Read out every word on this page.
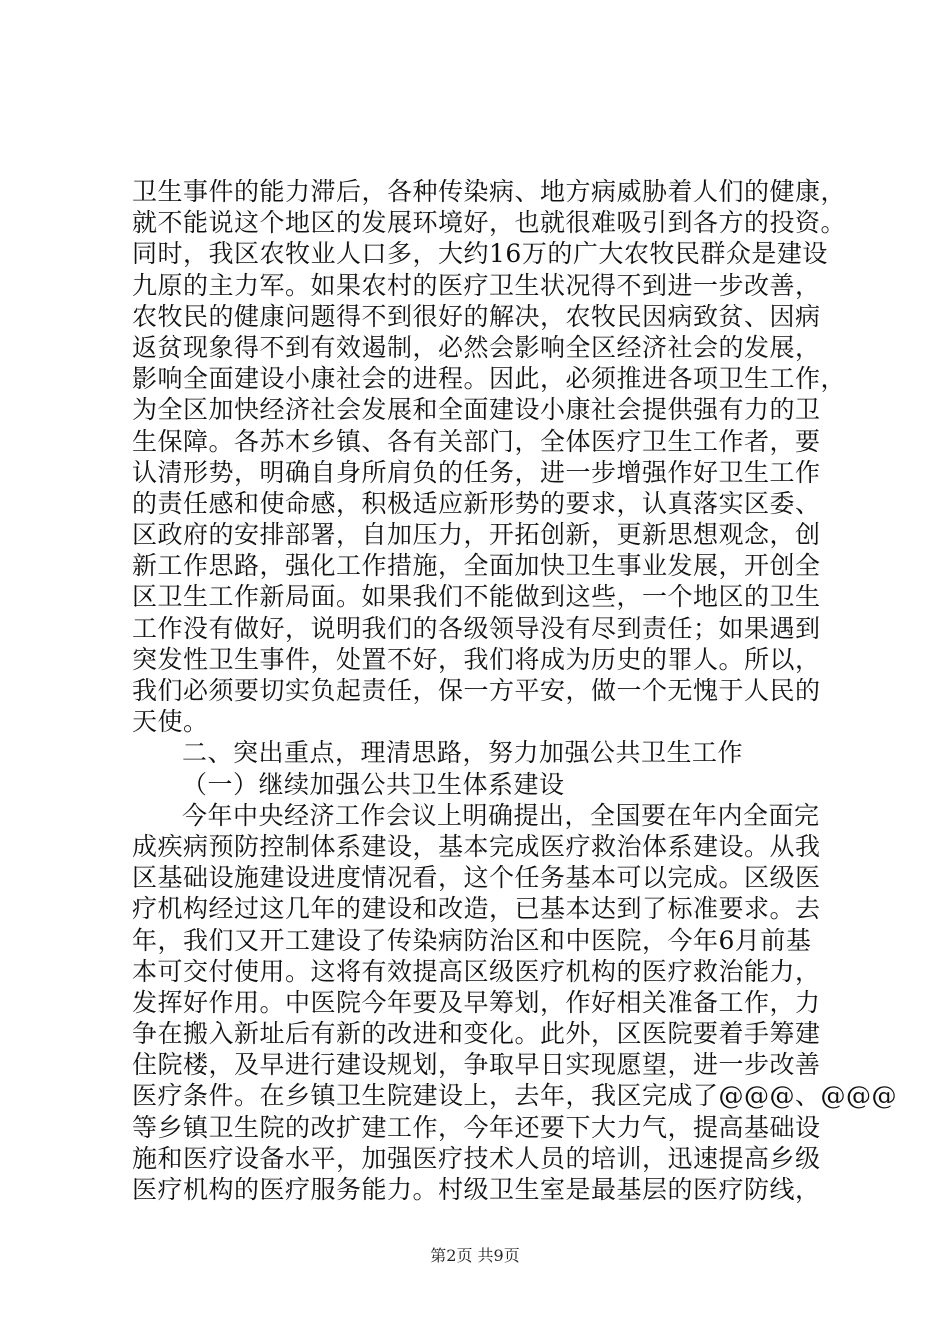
卫生事件的能力滞后，各种传染病、地方病威胁着人们的健康，
就不能说这个地区的发展环境好，也就很难吸引到各方的投资。
同时，我区农牧业人口多，大约16万的广大农牧民群众是建设
九原的主力军。如果农村的医疗卫生状况得不到进一步改善，
农牧民的健康问题得不到很好的解决，农牧民因病致贫、因病
返贫现象得不到有效遏制，必然会影响全区经济社会的发展，
影响全面建设小康社会的进程。因此，必须推进各项卫生工作，
为全区加快经济社会发展和全面建设小康社会提供强有力的卫
生保障。各苏木乡镇、各有关部门，全体医疗卫生工作者，要
认清形势，明确自身所肩负的任务，进一步增强作好卫生工作
的责任感和使命感，积极适应新形势的要求，认真落实区委、
区政府的安排部署，自加压力，开拓创新，更新思想观念，创
新工作思路，强化工作措施，全面加快卫生事业发展，开创全
区卫生工作新局面。如果我们不能做到这些，一个地区的卫生
工作没有做好，说明我们的各级领导没有尽到责任；如果遇到
突发性卫生事件，处置不好，我们将成为历史的罪人。所以，
我们必须要切实负起责任，保一方平安，做一个无愧于人民的
天使。
二、突出重点，理清思路，努力加强公共卫生工作
（一）继续加强公共卫生体系建设
今年中央经济工作会议上明确提出，全国要在年内全面完
成疾病预防控制体系建设，基本完成医疗救治体系建设。从我
区基础设施建设进度情况看，这个任务基本可以完成。区级医
疗机构经过这几年的建设和改造，已基本达到了标准要求。去
年，我们又开工建设了传染病防治区和中医院，今年6月前基
本可交付使用。这将有效提高区级医疗机构的医疗救治能力，
发挥好作用。中医院今年要及早筹划，作好相关准备工作，力
争在搬入新址后有新的改进和变化。此外，区医院要着手筹建
住院楼，及早进行建设规划，争取早日实现愿望，进一步改善
医疗条件。在乡镇卫生院建设上，去年，我区完成了@@@、@@@
等乡镇卫生院的改扩建工作，今年还要下大力气，提高基础设
施和医疗设备水平，加强医疗技术人员的培训，迅速提高乡级
医疗机构的医疗服务能力。村级卫生室是最基层的医疗防线，
第2页 共9页
